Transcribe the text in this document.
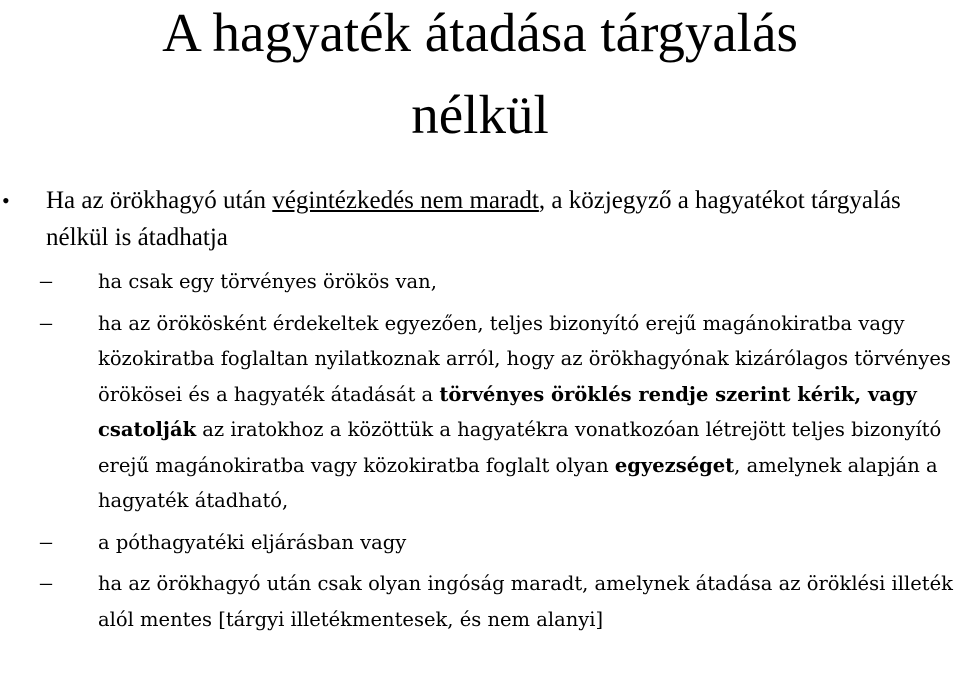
A hagyaték átadása tárgyalás
nélkül
• Ha az örökhagyó után végintézkedés nem maradt, a közjegyző a hagyatékot tárgyalás nélkül is átadhatja
– ha csak egy törvényes örökös van,
– ha az örökösként érdekeltek egyezően, teljes bizonyító erejű magánokiratba vagy közokiratba foglaltan nyilatkoznak arról, hogy az örökhagyónak kizárólagos törvényes örökösei és a hagyaték átadását a törvényes öröklés rendje szerint kérik, vagy csatolják az iratokhoz a közöttük a hagyatékra vonatkozóan létrejött teljes bizonyító erejű magánokiratba vagy közokiratba foglalt olyan egyezséget, amelynek alapján a hagyaték átadható,
– a póthagyatéki eljárásban vagy
– ha az örökhagyó után csak olyan ingóság maradt, amelynek átadása az öröklési illeték alól mentes [tárgyi illetékmentesek, és nem alanyi]
